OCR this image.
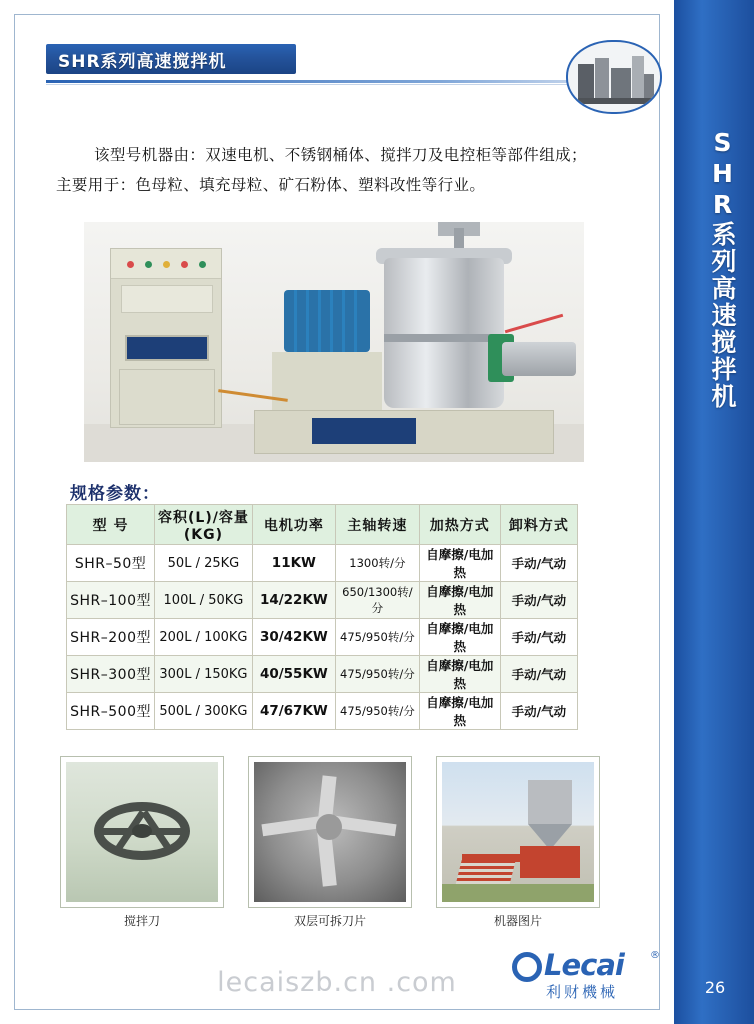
SHR系列高速搅拌机
SHR系列高速搅拌机

该型号机器由：双速电机、不锈钢桶体、搅拌刀及电控柜等部件组成；

主要用于：色母粒、填充母粒、矿石粉体、塑料改性等行业。

规格参数：
型 号	容积(L)/容量(KG)	电机功率	主轴转速	加热方式	卸料方式
SHR–50型	50L / 25KG	11KW	1300转/分	自摩擦/电加热	手动/气动
SHR–100型	100L / 50KG	14/22KW	650/1300转/分	自摩擦/电加热	手动/气动
SHR–200型	200L / 100KG	30/42KW	475/950转/分	自摩擦/电加热	手动/气动
SHR–300型	300L / 150KG	40/55KW	475/950转/分	自摩擦/电加热	手动/气动
SHR–500型	500L / 300KG	47/67KW	475/950转/分	自摩擦/电加热	手动/气动
搅拌刀	双层可拆刀片	机器图片
lecaiszb.cn .com
Lecai	®
利财機械	26
